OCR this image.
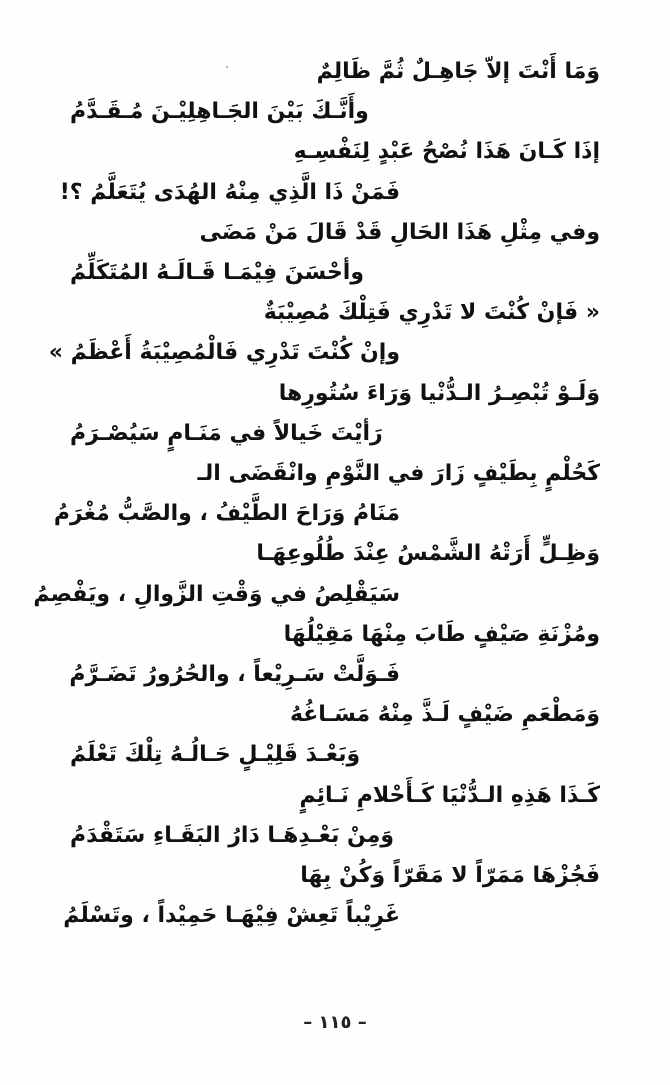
وَمَا أَنْتَ إلاّ جَاهِـلٌ ثُمَّ ظَالِمٌ
وأَنَّـكَ بَيْنَ الجَـاهِلِيْـنَ مُـقَـدَّمُ
إذَا كَـانَ هَذَا نُصْحُ عَبْدٍ لِنَفْسِـهِ
فَمَنْ ذَا الَّذِي مِنْهُ الهُدَى يُتَعَلَّمُ ؟!
وفي مِثْلِ هَذَا الحَالِ قَدْ قَالَ مَنْ مَضَى
وأحْسَنَ فِيْمَـا قَـالَـهُ المُتَكَلِّمُ
« فَإنْ كُنْتَ لا تَدْرِي فَتِلْكَ مُصِيْبَةٌ
وإنْ كُنْتَ تَدْرِي فَالْمُصِيْبَةُ أَعْظَمُ »
وَلَـوْ تُبْصِـرُ الـدُّنْيا وَرَاءَ سُتُورِها
رَأيْتَ خَيالاً في مَنَـامٍ سَيُصْـرَمُ
كَحُلْمٍ بِطَيْفٍ زَارَ في النَّوْمِ وانْقَضَى الـ
مَنَامُ وَرَاحَ الطَّيْفُ ، والصَّبُّ مُغْرَمُ
وَظِـلٍّ أَرَتْهُ الشَّمْسُ عِنْدَ طُلُوعِهَـا
سَيَقْلِصُ في وَقْتِ الزَّوالِ ، ويَفْصِمُ
ومُزْنَةِ صَيْفٍ طَابَ مِنْهَا مَقِيْلُهَا
فَـوَلَّتْ سَـرِيْعاً ، والحُرُورُ تَضَـرَّمُ
وَمَطْعَمِ ضَيْفٍ لَـذَّ مِنْهُ مَسَـاغُهُ
وَبَعْـدَ قَلِيْـلٍ حَـالُـهُ تِلْكَ تَعْلَمُ
كَـذَا هَذِهِ الـدُّنْيَا كَـأَحْلامِ نَـائِمٍ
وَمِنْ بَعْـدِهَـا دَارُ البَقَـاءِ سَتَقْدَمُ
فَجُزْهَا مَمَرّاً لا مَقَرّاً وَكُنْ بِهَا
غَرِيْباً تَعِشْ فِيْهَـا حَمِيْداً ، وتَسْلَمُ
– ١١٥ –
